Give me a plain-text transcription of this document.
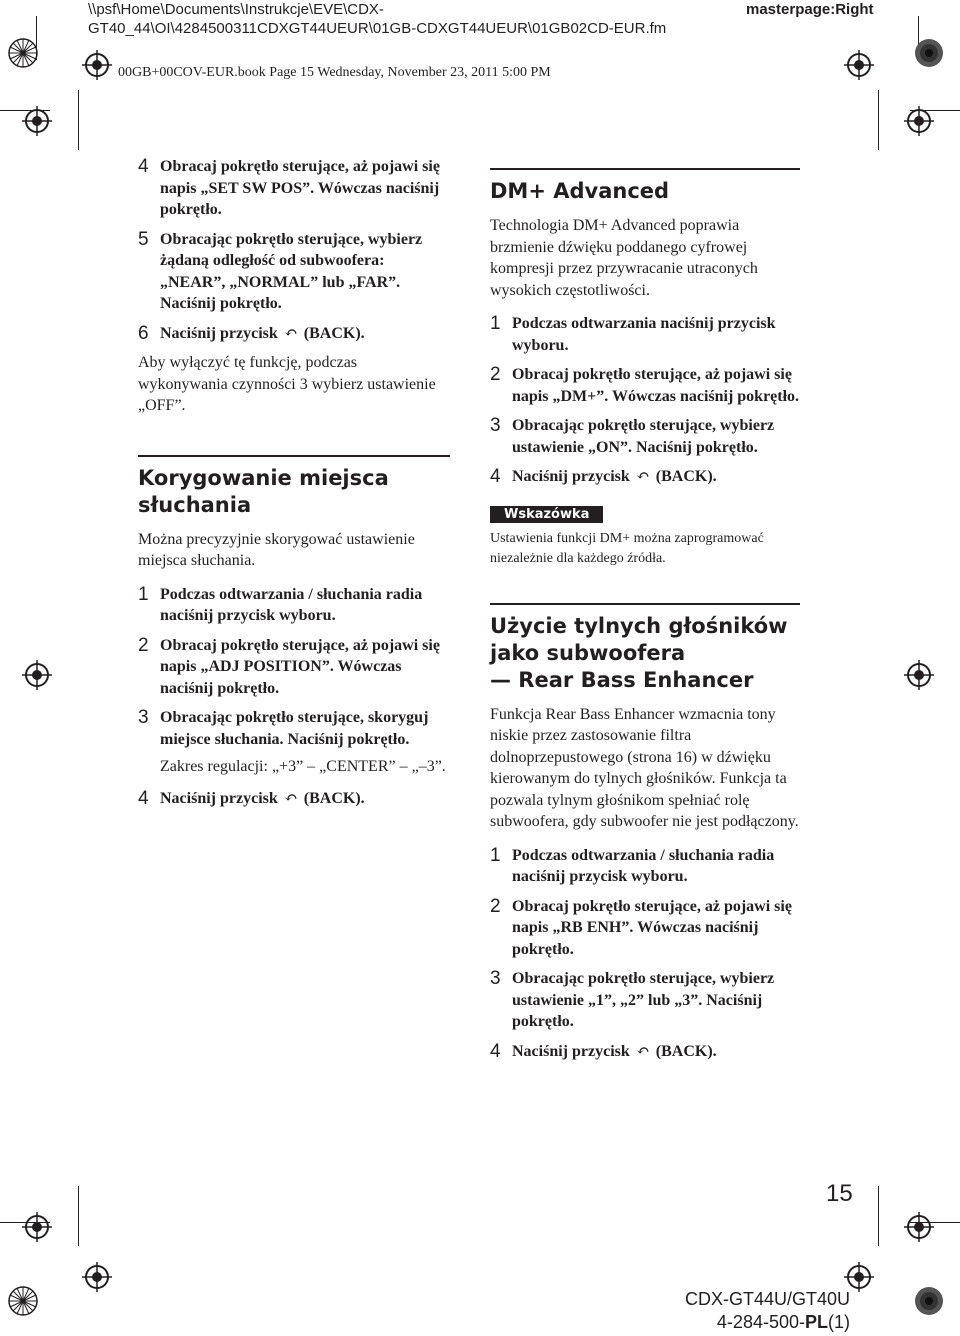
\\psf\Home\Documents\Instrukcje\EVE\CDX-
GT40_44\OI\4284500311CDXGT44UEUR\01GB-CDXGT44UEUR\01GB02CD-EUR.fm
masterpage:Right
00GB+00COV-EUR.book Page 15 Wednesday, November 23, 2011 5:00 PM
4 Obracaj pokrętło sterujące, aż pojawi się napis „SET SW POS”. Wówczas naciśnij pokrętło.
5 Obracając pokrętło sterujące, wybierz żądaną odległość od subwoofera: „NEAR”, „NORMAL” lub „FAR”. Naciśnij pokrętło.
6 Naciśnij przycisk ↶ (BACK).
Aby wyłączyć tę funkcję, podczas wykonywania czynności 3 wybierz ustawienie „OFF”.
Korygowanie miejsca
słuchania
Można precyzyjnie skorygować ustawienie miejsca słuchania.
1 Podczas odtwarzania / słuchania radia naciśnij przycisk wyboru.
2 Obracaj pokrętło sterujące, aż pojawi się napis „ADJ POSITION”. Wówczas naciśnij pokrętło.
3 Obracając pokrętło sterujące, skoryguj miejsce słuchania. Naciśnij pokrętło.
Zakres regulacji: „+3” – „CENTER” – „–3”.
4 Naciśnij przycisk ↶ (BACK).
DM+ Advanced
Technologia DM+ Advanced poprawia brzmienie dźwięku poddanego cyfrowej kompresji przez przywracanie utraconych wysokich częstotliwości.
1 Podczas odtwarzania naciśnij przycisk wyboru.
2 Obracaj pokrętło sterujące, aż pojawi się napis „DM+”. Wówczas naciśnij pokrętło.
3 Obracając pokrętło sterujące, wybierz ustawienie „ON”. Naciśnij pokrętło.
4 Naciśnij przycisk ↶ (BACK).
Wskazówka
Ustawienia funkcji DM+ można zaprogramować niezależnie dla każdego źródła.
Użycie tylnych głośników
jako subwoofera
— Rear Bass Enhancer
Funkcja Rear Bass Enhancer wzmacnia tony niskie przez zastosowanie filtra dolnoprzepustowego (strona 16) w dźwięku kierowanym do tylnych głośników. Funkcja ta pozwala tylnym głośnikom spełniać rolę subwoofera, gdy subwoofer nie jest podłączony.
1 Podczas odtwarzania / słuchania radia naciśnij przycisk wyboru.
2 Obracaj pokrętło sterujące, aż pojawi się napis „RB ENH”. Wówczas naciśnij pokrętło.
3 Obracając pokrętło sterujące, wybierz ustawienie „1”, „2” lub „3”. Naciśnij pokrętło.
4 Naciśnij przycisk ↶ (BACK).
15
CDX-GT44U/GT40U
4-284-500-PL(1)
